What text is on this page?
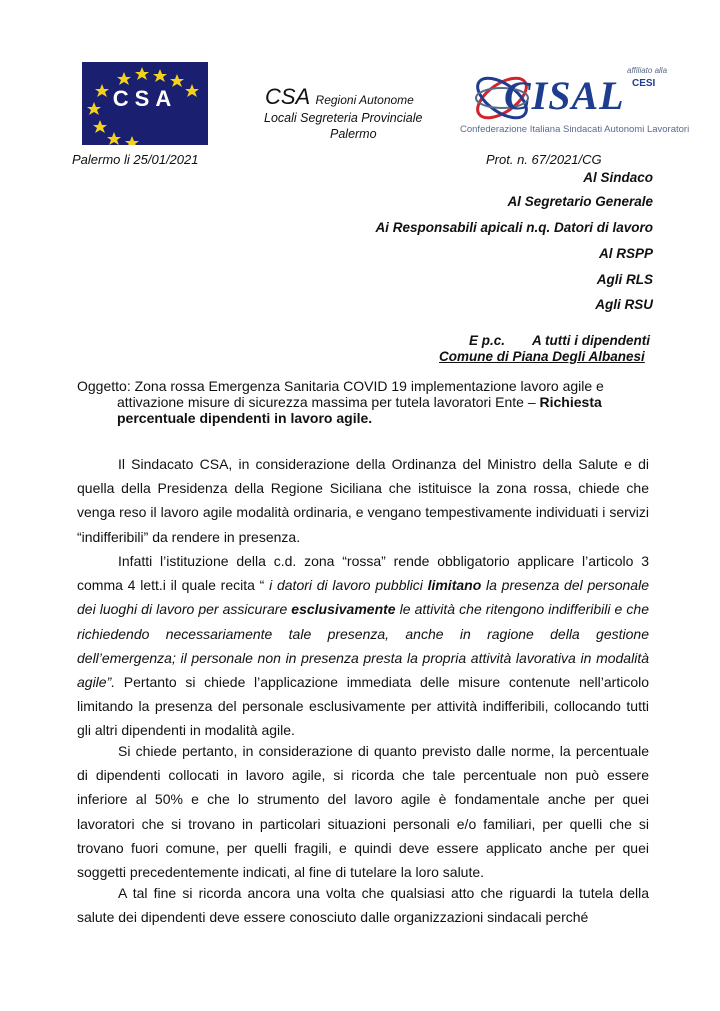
CSA	CSA Regioni Autonome
Locali Segreteria Provinciale
Palermo
CISAL
affiliato alla
CESI
Confederazione Italiana Sindacati Autonomi Lavoratori
Palermo li 25/01/2021	Prot. n. 67/2021/CG
Al Sindaco
Al Segretario Generale
Ai Responsabili apicali n.q. Datori di lavoro
Al RSPP
Agli RLS
Agli RSU
E p.c. A tutti i dipendenti
Comune di Piana Degli Albanesi
Oggetto: Zona rossa Emergenza Sanitaria COVID 19 implementazione lavoro agile e
attivazione misure di sicurezza massima per tutela lavoratori Ente – Richiesta
percentuale dipendenti in lavoro agile.

Il Sindacato CSA, in considerazione della Ordinanza del Ministro della Salute e di quella della Presidenza della Regione Siciliana che istituisce la zona rossa, chiede che venga reso il lavoro agile modalità ordinaria, e vengano tempestivamente individuati i servizi “indifferibili” da rendere in presenza.

Infatti l’istituzione della c.d. zona “rossa” rende obbligatorio applicare l’articolo 3 comma 4 lett.i il quale recita “ i datori di lavoro pubblici limitano la presenza del personale dei luoghi di lavoro per assicurare esclusivamente le attività che ritengono indifferibili e che richiedendo necessariamente tale presenza, anche in ragione della gestione dell’emergenza; il personale non in presenza presta la propria attività lavorativa in modalità agile”. Pertanto si chiede l’applicazione immediata delle misure contenute nell’articolo limitando la presenza del personale esclusivamente per attività indifferibili, collocando tutti gli altri dipendenti in modalità agile.

Si chiede pertanto, in considerazione di quanto previsto dalle norme, la percentuale di dipendenti collocati in lavoro agile, si ricorda che tale percentuale non può essere inferiore al 50% e che lo strumento del lavoro agile è fondamentale anche per quei lavoratori che si trovano in particolari situazioni personali e/o familiari, per quelli che si trovano fuori comune, per quelli fragili, e quindi deve essere applicato anche per quei soggetti precedentemente indicati, al fine di tutelare la loro salute.

A tal fine si ricorda ancora una volta che qualsiasi atto che riguardi la tutela della salute dei dipendenti deve essere conosciuto dalle organizzazioni sindacali perché
